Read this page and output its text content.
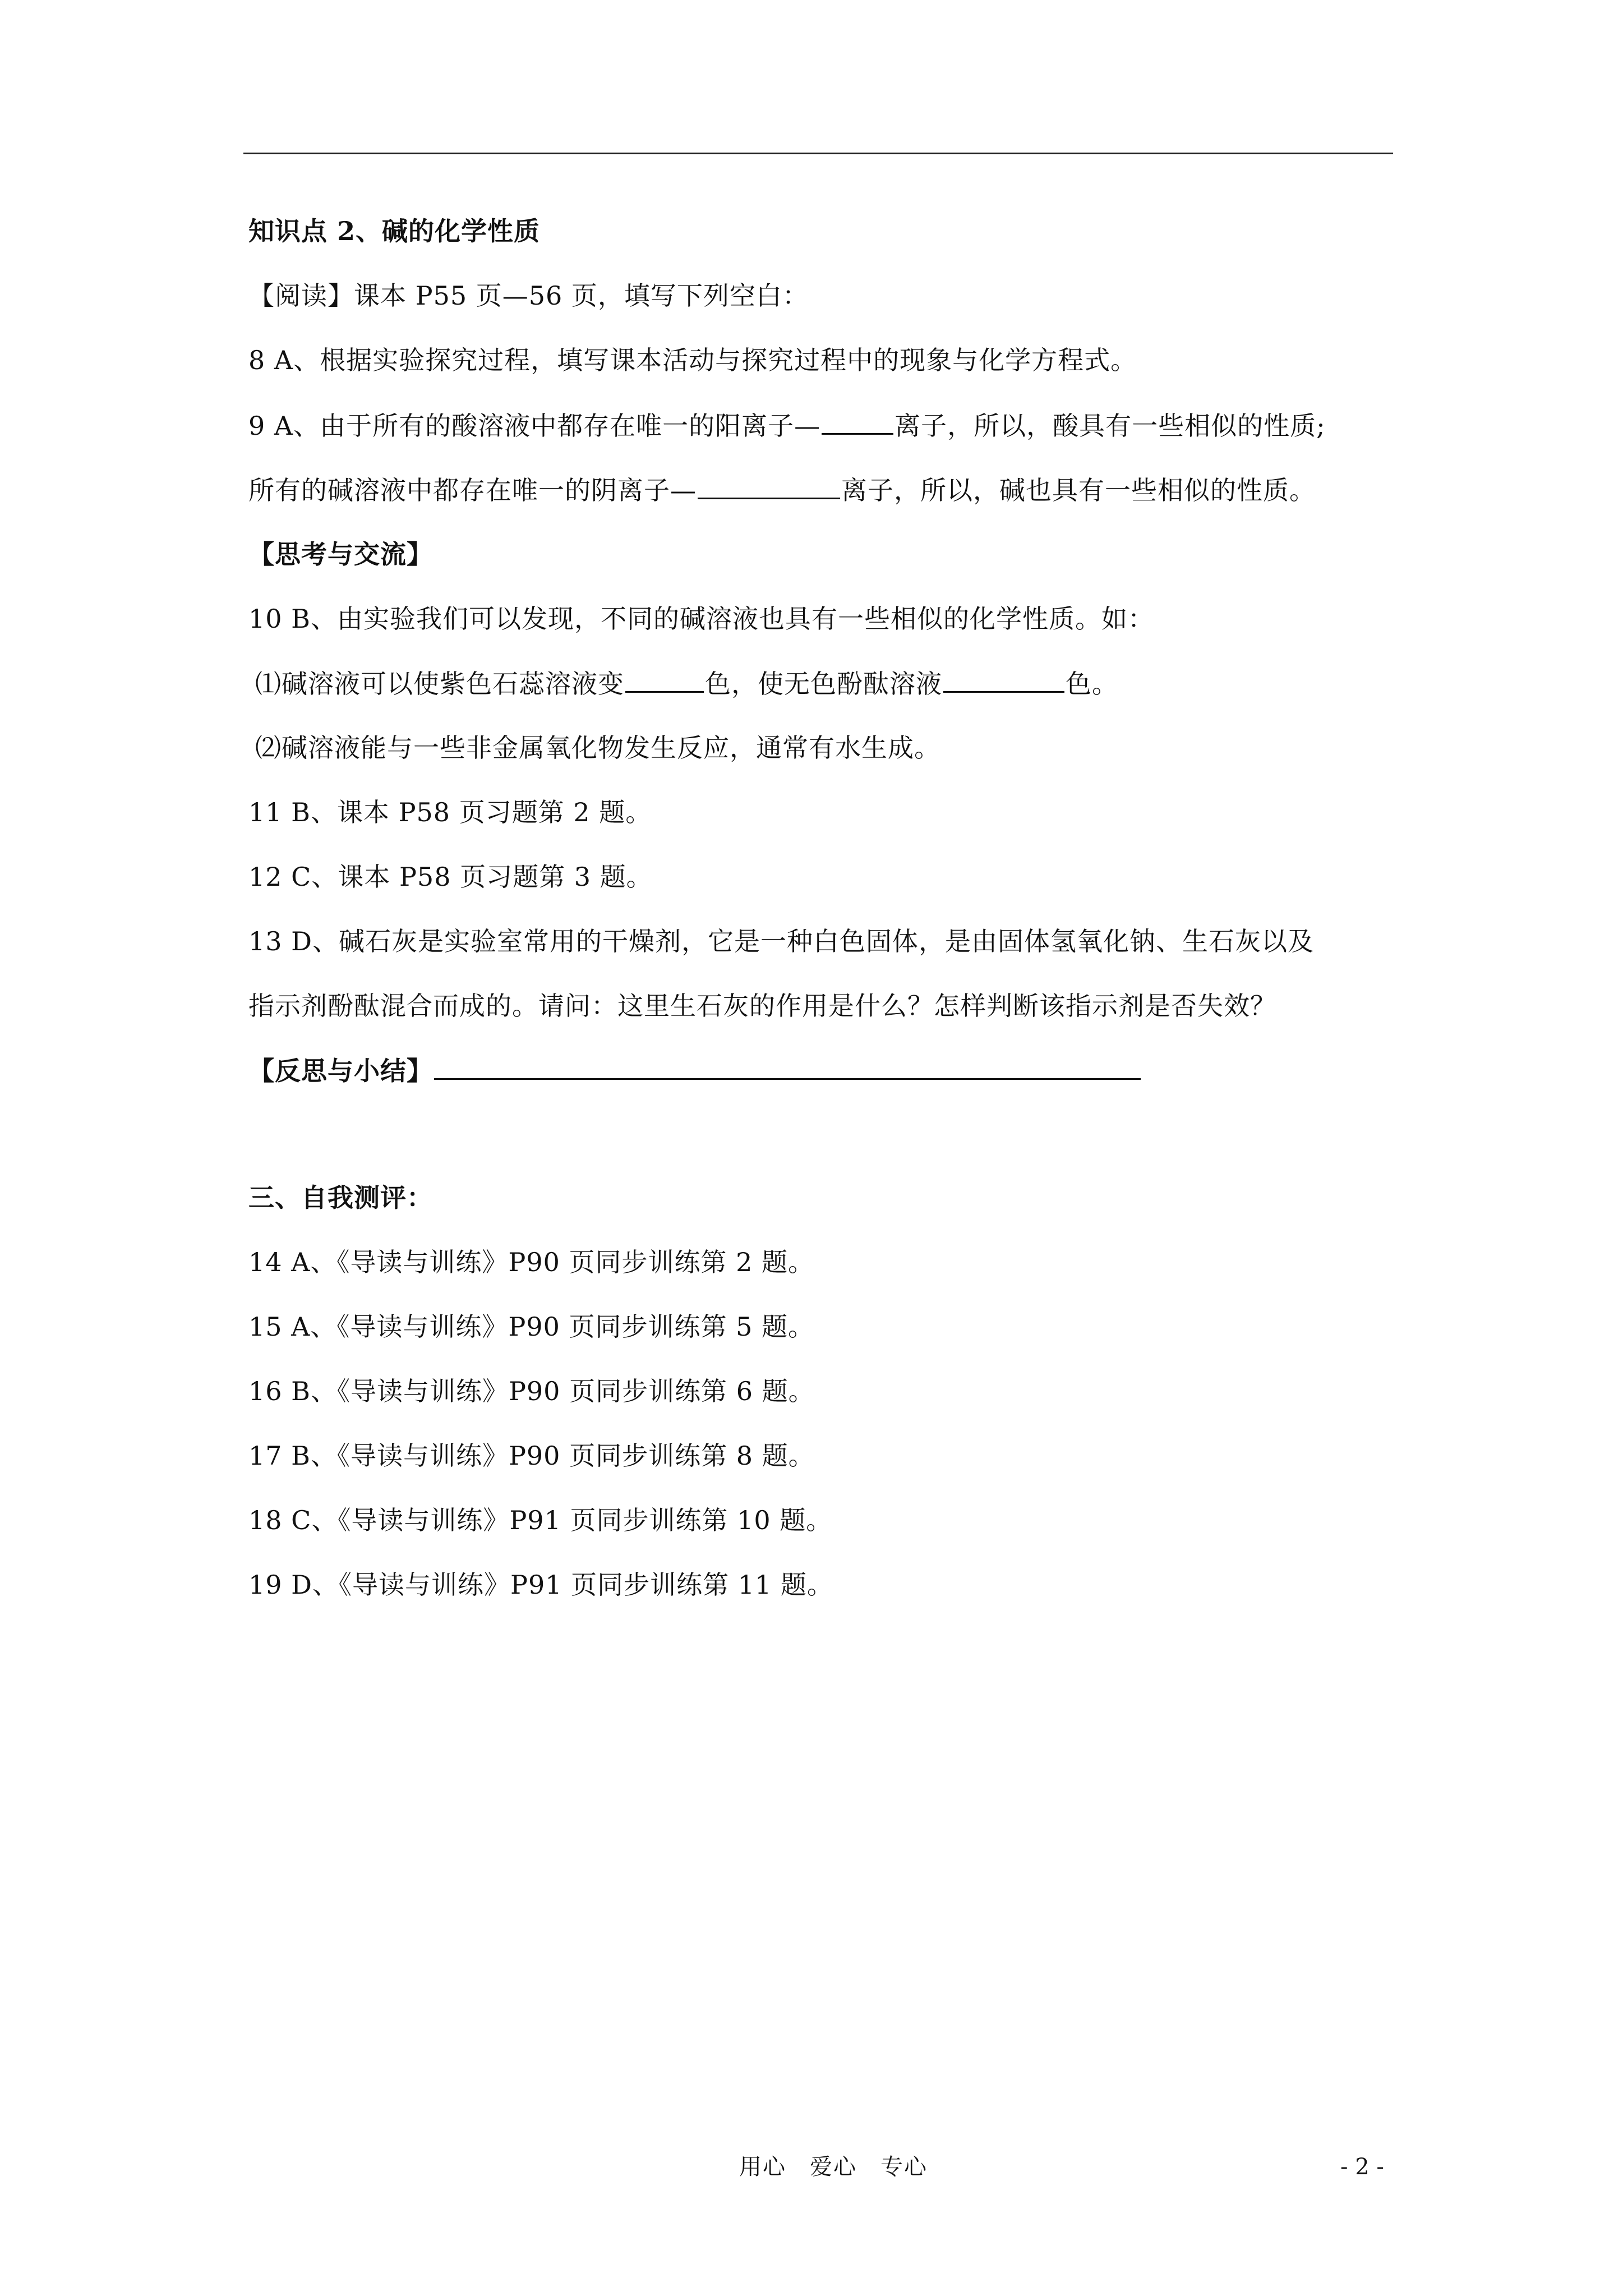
知识点 2、碱的化学性质
【阅读】课本 P55 页—56 页，填写下列空白：
8 A、根据实验探究过程，填写课本活动与探究过程中的现象与化学方程式。
9 A、由于所有的酸溶液中都存在唯一的阳离子—	离子，所以，酸具有一些相似的性质;
所有的碱溶液中都存在唯一的阴离子—	离子，所以，碱也具有一些相似的性质。
【思考与交流】
10 B、由实验我们可以发现，不同的碱溶液也具有一些相似的化学性质。如：
⑴碱溶液可以使紫色石蕊溶液变	色，使无色酚酞溶液	色。
⑵碱溶液能与一些非金属氧化物发生反应，通常有水生成。
11 B、课本 P58 页习题第 2 题。
12 C、课本 P58 页习题第 3 题。
13 D、碱石灰是实验室常用的干燥剂，它是一种白色固体，是由固体氢氧化钠、生石灰以及
指示剂酚酞混合而成的。请问：这里生石灰的作用是什么？怎样判断该指示剂是否失效？
【反思与小结】
三、自我测评：
14 A、《导读与训练》P90 页同步训练第 2 题。
15 A、《导读与训练》P90 页同步训练第 5 题。
16 B、《导读与训练》P90 页同步训练第 6 题。
17 B、《导读与训练》P90 页同步训练第 8 题。
18 C、《导读与训练》P91 页同步训练第 10 题。
19 D、《导读与训练》P91 页同步训练第 11 题。
用心　爱心　专心	- 2 -
